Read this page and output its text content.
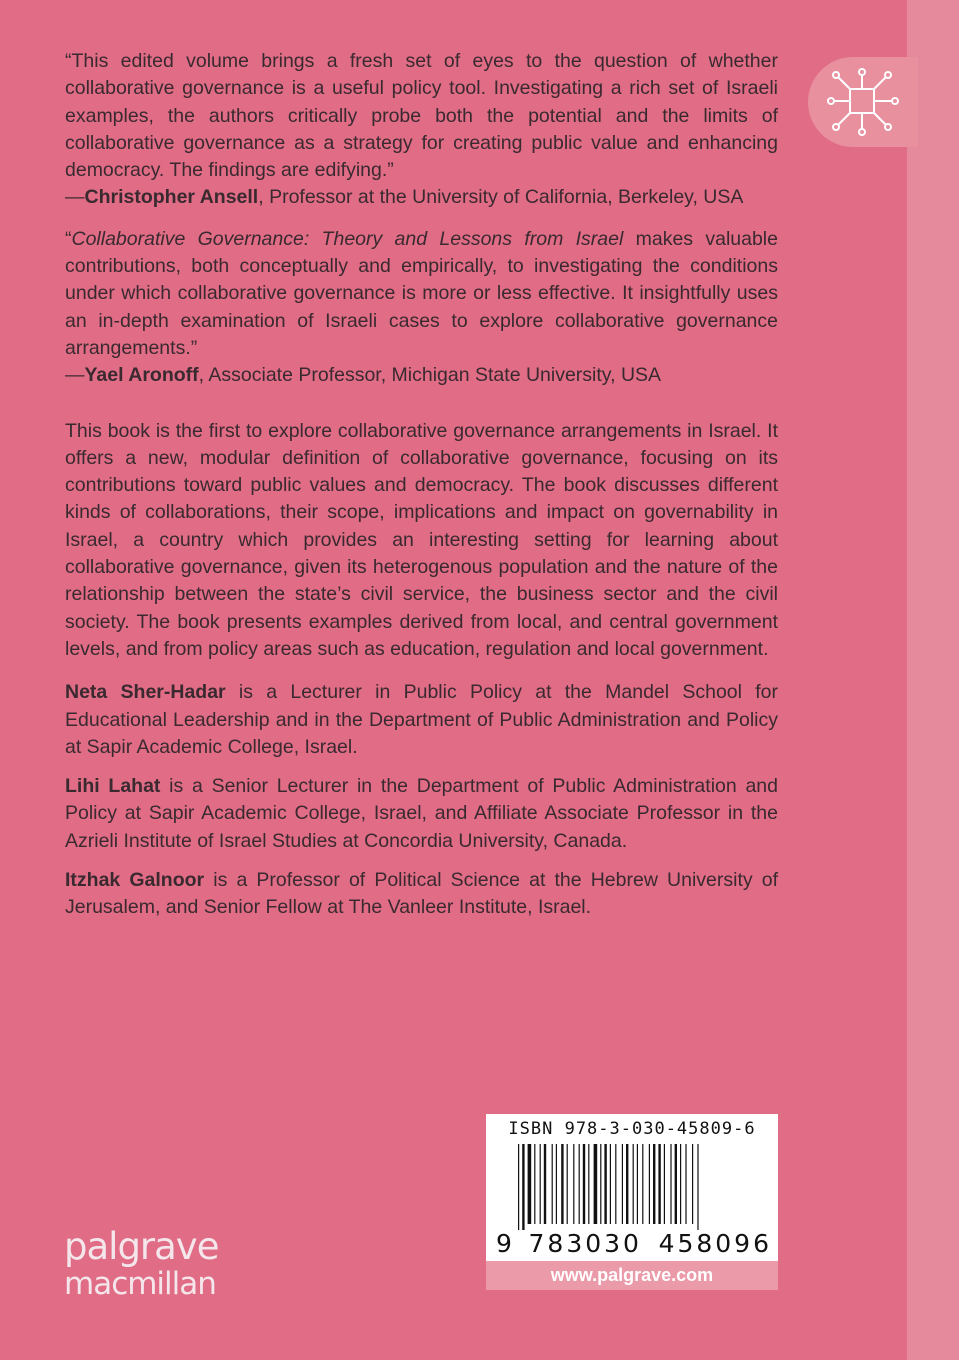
“This edited volume brings a fresh set of eyes to the question of whether collaborative governance is a useful policy tool. Investigating a rich set of Israeli examples, the authors critically probe both the potential and the limits of collaborative governance as a strategy for creating public value and enhancing democracy. The findings are edifying.”

—Christopher Ansell, Professor at the University of California, Berkeley, USA

“Collaborative Governance: Theory and Lessons from Israel makes valuable contributions, both conceptually and empirically, to investigating the conditions under which collaborative governance is more or less effective. It insightfully uses an in-depth examination of Israeli cases to explore collaborative governance arrangements.”

—Yael Aronoff, Associate Professor, Michigan State University, USA

This book is the first to explore collaborative governance arrangements in Israel. It offers a new, modular definition of collaborative governance, focusing on its contributions toward public values and democracy. The book discusses different kinds of collaborations, their scope, implications and impact on governability in Israel, a country which provides an interesting setting for learning about collaborative governance, given its heterogenous population and the nature of the relationship between the state’s civil service, the business sector and the civil society. The book presents examples derived from local, and central government levels, and from policy areas such as education, regulation and local government.

Neta Sher-Hadar is a Lecturer in Public Policy at the Mandel School for Educational Leadership and in the Department of Public Administration and Policy at Sapir Academic College, Israel.

Lihi Lahat is a Senior Lecturer in the Department of Public Administration and Policy at Sapir Academic College, Israel, and Affiliate Associate Professor in the Azrieli Institute of Israel Studies at Concordia University, Canada.

Itzhak Galnoor is a Professor of Political Science at the Hebrew University of Jerusalem, and Senior Fellow at The Vanleer Institute, Israel.

palgrave
macmillan
ISBN 978-3-030-45809-6
9 783030 458096
www.palgrave.com
